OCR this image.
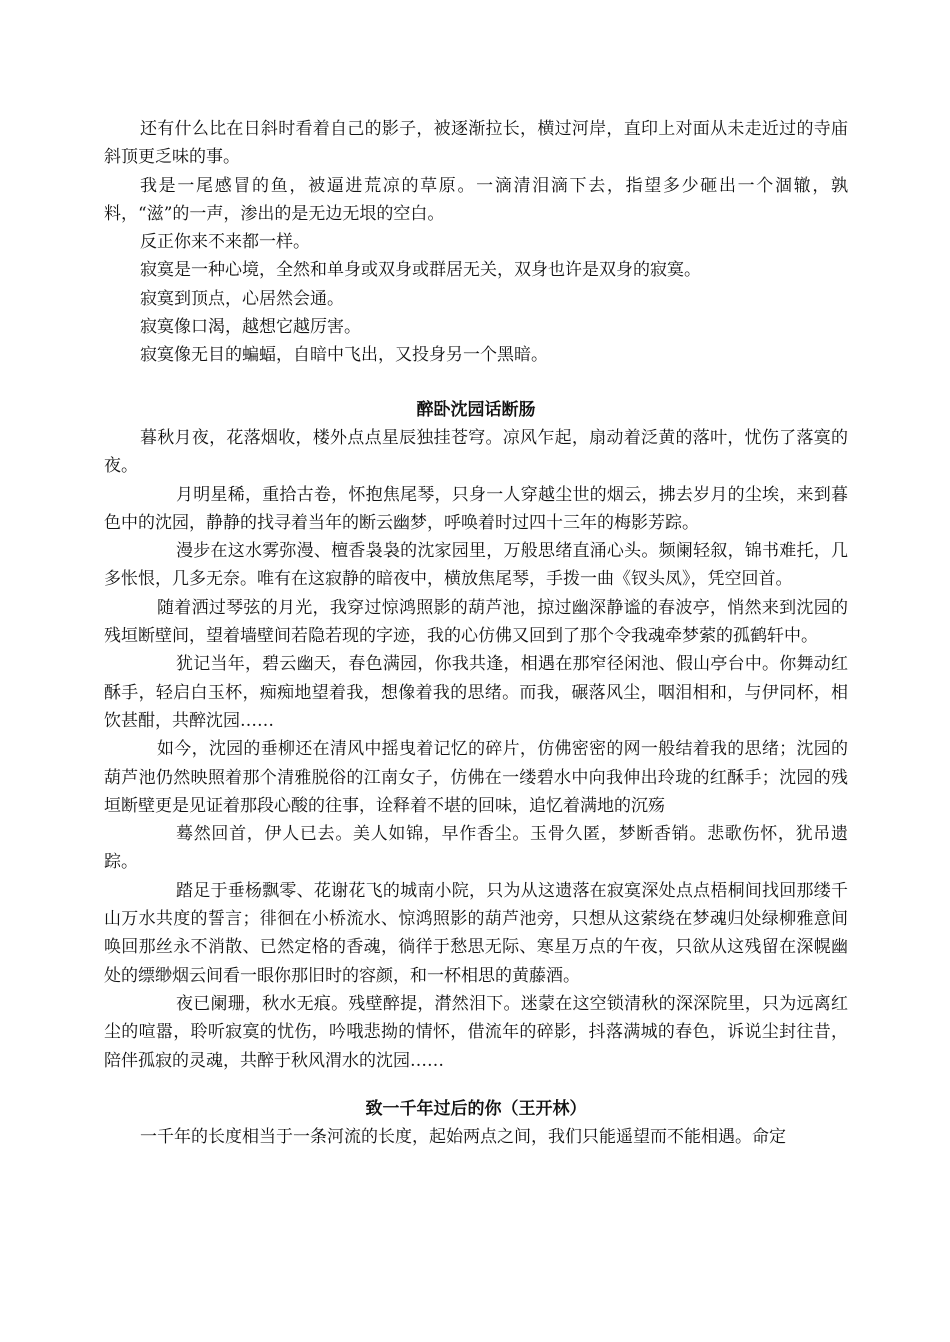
还有什么比在日斜时看着自己的影子，被逐渐拉长，横过河岸，直印上对面从未走近过的寺庙斜顶更乏味的事。

我是一尾感冒的鱼，被逼进荒凉的草原。一滴清泪滴下去，指望多少砸出一个涸辙，孰料，“滋”的一声，渗出的是无边无垠的空白。

反正你来不来都一样。

寂寞是一种心境，全然和单身或双身或群居无关，双身也许是双身的寂寞。

寂寞到顶点，心居然会通。

寂寞像口渴，越想它越厉害。

寂寞像无目的蝙蝠，自暗中飞出，又投身另一个黑暗。

醉卧沈园话断肠

暮秋月夜，花落烟收，楼外点点星辰独挂苍穹。凉风乍起，扇动着泛黄的落叶，忧伤了落寞的夜。

月明星稀，重拾古卷，怀抱焦尾琴，只身一人穿越尘世的烟云，拂去岁月的尘埃，来到暮色中的沈园，静静的找寻着当年的断云幽梦，呼唤着时过四十三年的梅影芳踪。

漫步在这水雾弥漫、檀香袅袅的沈家园里，万般思绪直涌心头。频阑轻叙，锦书难托，几多怅恨，几多无奈。唯有在这寂静的暗夜中，横放焦尾琴，手拨一曲《钗头凤》，凭空回首。

随着洒过琴弦的月光，我穿过惊鸿照影的葫芦池，掠过幽深静谧的春波亭，悄然来到沈园的残垣断壁间，望着墙壁间若隐若现的字迹，我的心仿佛又回到了那个令我魂牵梦萦的孤鹤轩中。

犹记当年，碧云幽天，春色满园，你我共逢，相遇在那窄径闲池、假山亭台中。你舞动红酥手，轻启白玉杯，痴痴地望着我，想像着我的思绪。而我，碾落风尘，咽泪相和，与伊同杯，相饮甚酣，共醉沈园……

如今，沈园的垂柳还在清风中摇曳着记忆的碎片，仿佛密密的网一般结着我的思绪；沈园的葫芦池仍然映照着那个清雅脱俗的江南女子，仿佛在一缕碧水中向我伸出玲珑的红酥手；沈园的残垣断壁更是见证着那段心酸的往事，诠释着不堪的回味，追忆着满地的沉殇

蓦然回首，伊人已去。美人如锦，早作香尘。玉骨久匿，梦断香销。悲歌伤怀，犹吊遗踪。

踏足于垂杨飘零、花谢花飞的城南小院，只为从这遗落在寂寞深处点点梧桐间找回那缕千山万水共度的誓言；徘徊在小桥流水、惊鸿照影的葫芦池旁，只想从这萦绕在梦魂归处绿柳雅意间唤回那丝永不消散、已然定格的香魂，徜徉于愁思无际、寒星万点的午夜，只欲从这残留在深幌幽处的缥缈烟云间看一眼你那旧时的容颜，和一杯相思的黄藤酒。

夜已阑珊，秋水无痕。残壁醉提，潸然泪下。迷蒙在这空锁清秋的深深院里，只为远离红尘的喧嚣，聆听寂寞的忧伤，吟哦悲拗的情怀，借流年的碎影，抖落满城的春色，诉说尘封往昔，陪伴孤寂的灵魂，共醉于秋风渭水的沈园……

致一千年过后的你（王开林）

一千年的长度相当于一条河流的长度，起始两点之间，我们只能遥望而不能相遇。命定
